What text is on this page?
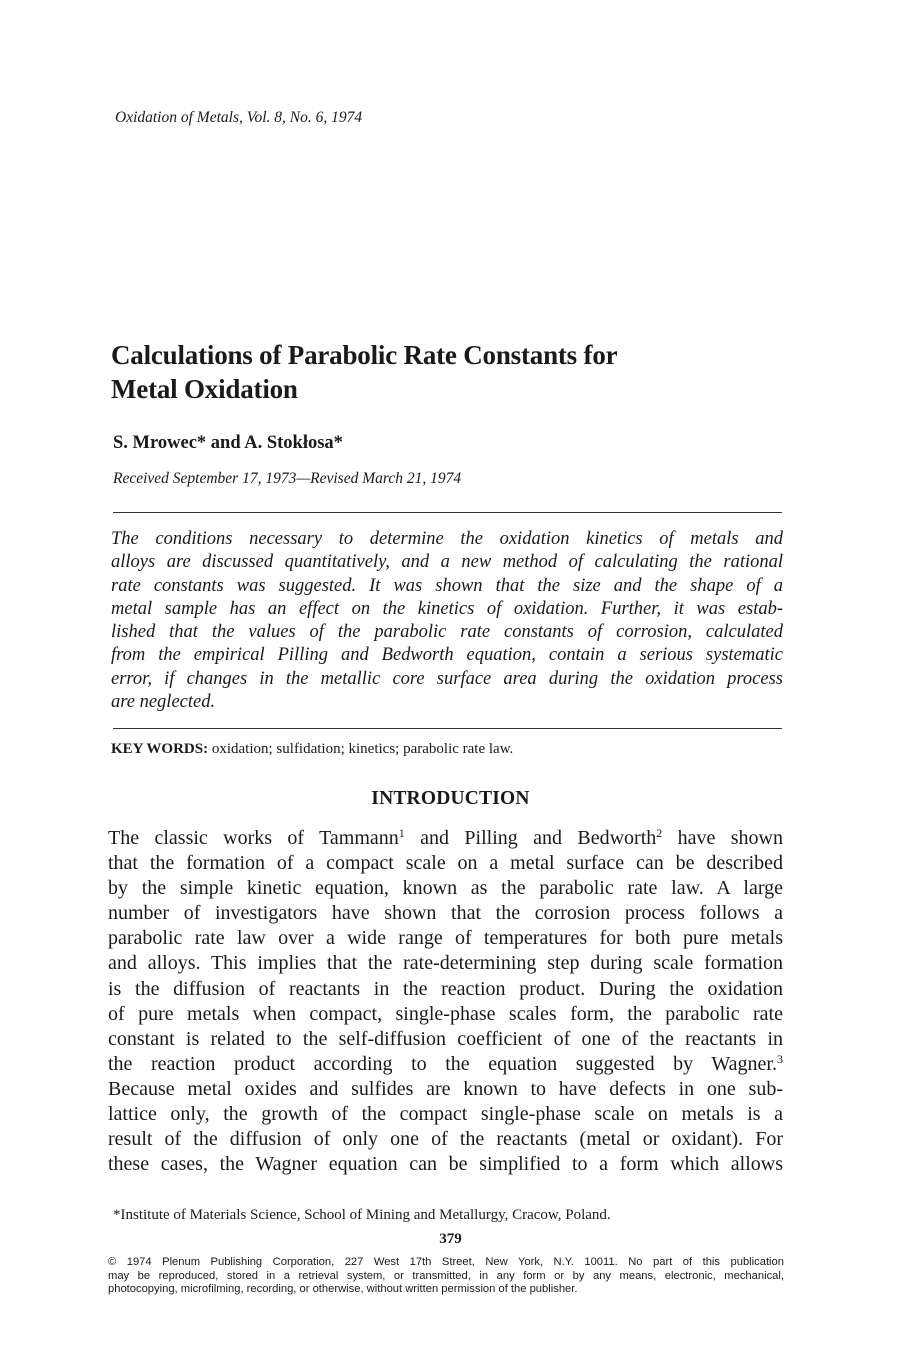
Oxidation of Metals, Vol. 8, No. 6, 1974
Calculations of Parabolic Rate Constants for
Metal Oxidation
S. Mrowec* and A. Stokłosa*
Received September 17, 1973—Revised March 21, 1974
The conditions necessary to determine the oxidation kinetics of metals and
alloys are discussed quantitatively, and a new method of calculating the rational
rate constants was suggested. It was shown that the size and the shape of a
metal sample has an effect on the kinetics of oxidation. Further, it was estab-
lished that the values of the parabolic rate constants of corrosion, calculated
from the empirical Pilling and Bedworth equation, contain a serious systematic
error, if changes in the metallic core surface area during the oxidation process
are neglected.
KEY WORDS: oxidation; sulfidation; kinetics; parabolic rate law.
INTRODUCTION
The classic works of Tammann$^1$ and Pilling and Bedworth$^2$ have shown
that the formation of a compact scale on a metal surface can be described
by the simple kinetic equation, known as the parabolic rate law. A large
number of investigators have shown that the corrosion process follows a
parabolic rate law over a wide range of temperatures for both pure metals
and alloys. This implies that the rate-determining step during scale formation
is the diffusion of reactants in the reaction product. During the oxidation
of pure metals when compact, single-phase scales form, the parabolic rate
constant is related to the self-diffusion coefficient of one of the reactants in
the reaction product according to the equation suggested by Wagner.$^3$
Because metal oxides and sulfides are known to have defects in one sub-
lattice only, the growth of the compact single-phase scale on metals is a
result of the diffusion of only one of the reactants (metal or oxidant). For
these cases, the Wagner equation can be simplified to a form which allows
*Institute of Materials Science, School of Mining and Metallurgy, Cracow, Poland.
379
© 1974 Plenum Publishing Corporation, 227 West 17th Street, New York, N.Y. 10011. No part of this publication
may be reproduced, stored in a retrieval system, or transmitted, in any form or by any means, electronic, mechanical,
photocopying, microfilming, recording, or otherwise, without written permission of the publisher.
